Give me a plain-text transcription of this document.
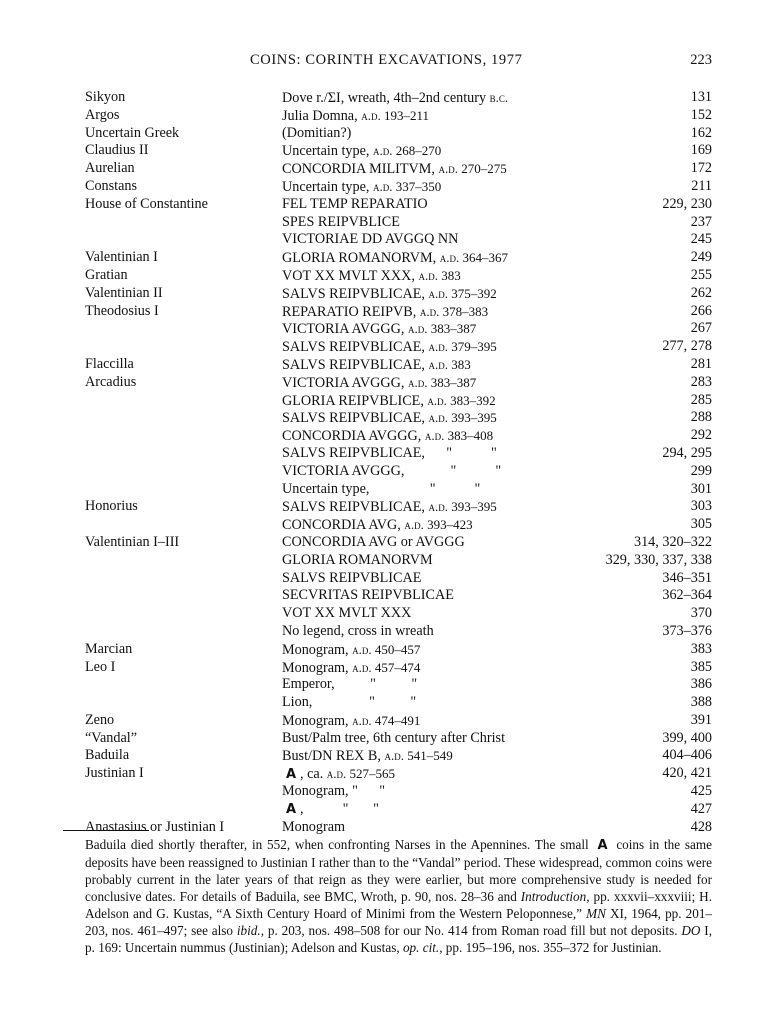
COINS: CORINTH EXCAVATIONS, 1977	223
Sikyon	Dove r./ΣΙ, wreath, 4th–2nd century b.c.	131
Argos	Julia Domna, a.d. 193–211	152
Uncertain Greek	(Domitian?)	162
Claudius II	Uncertain type, a.d. 268–270	169
Aurelian	CONCORDIA MILITVM, a.d. 270–275	172
Constans	Uncertain type, a.d. 337–350	211
House of Constantine	FEL TEMP REPARATIO	229, 230
SPES REIPVBLICE	237
VICTORIAE DD AVGGQ NN	245
Valentinian I	GLORIA ROMANORVM, a.d. 364–367	249
Gratian	VOT XX MVLT XXX, a.d. 383	255
Valentinian II	SALVS REIPVBLICAE, a.d. 375–392	262
Theodosius I	REPARATIO REIPVB, a.d. 378–383	266
VICTORIA AVGGG, a.d. 383–387	267
SALVS REIPVBLICAE, a.d. 379–395	277, 278
Flaccilla	SALVS REIPVBLICAE, a.d. 383	281
Arcadius	VICTORIA AVGGG, a.d. 383–387	283
GLORIA REIPVBLICE, a.d. 383–392	285
SALVS REIPVBLICAE, a.d. 393–395	288
CONCORDIA AVGGG, a.d. 383–408	292
SALVS REIPVBLICAE,      "           "	294, 295
VICTORIA AVGGG,             "           "	299
Uncertain type,                 "           "	301
Honorius	SALVS REIPVBLICAE, a.d. 393–395	303
CONCORDIA AVG, a.d. 393–423	305
Valentinian I–III	CONCORDIA AVG or AVGGG	314, 320–322
GLORIA ROMANORVM	329, 330, 337, 338
SALVS REIPVBLICAE	346–351
SECVRITAS REIPVBLICAE	362–364
VOT XX MVLT XXX	370
No legend, cross in wreath	373–376
Marcian	Monogram, a.d. 450–457	383
Leo I	Monogram, a.d. 457–474	385
Emperor,          "          "	386
Lion,                "          "	388
Zeno	Monogram, a.d. 474–491	391
“Vandal”	Bust/Palm tree, 6th century after Christ	399, 400
Baduila	Bust/DN REX B, a.d. 541–549	404–406
Justinian I	A , ca. a.d. 527–565	420, 421
Monogram, "      "	425
A ,           "       "	427
Anastasius or Justinian I	Monogram	428

Baduila died shortly therafter, in 552, when confronting Narses in the Apennines. The small A coins in the same deposits have been reassigned to Justinian I rather than to the “Vandal” period. These widespread, common coins were probably current in the later years of that reign as they were earlier, but more comprehensive study is needed for conclusive dates. For details of Baduila, see BMC, Wroth, p. 90, nos. 28–36 and Introduction, pp. xxxvii–xxxviii; H. Adelson and G. Kustas, “A Sixth Century Hoard of Minimi from the Western Peloponnese,” MN XI, 1964, pp. 201–203, nos. 461–497; see also ibid., p. 203, nos. 498–508 for our No. 414 from Roman road fill but not deposits. DO I, p. 169: Uncertain nummus (Justinian); Adelson and Kustas, op. cit., pp. 195–196, nos. 355–372 for Justinian.
